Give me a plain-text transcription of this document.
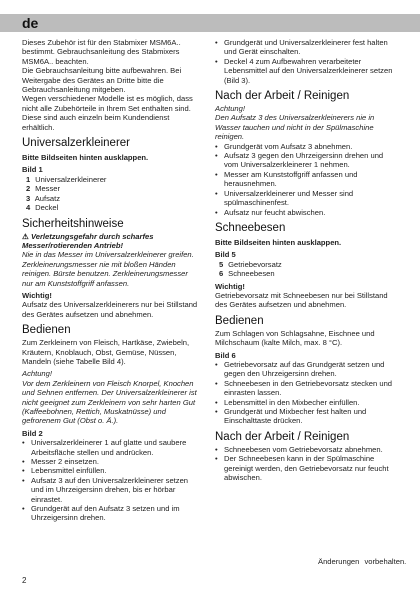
de

Dieses Zubehör ist für den Stabmixer MSM6A.. bestimmt. Gebrauchsanleitung des Stabmixers MSM6A.. beachten.

Die Gebrauchsanleitung bitte aufbewahren. Bei Weitergabe des Gerätes an Dritte bitte die Gebrauchsanleitung mitgeben.

Wegen verschiedener Modelle ist es möglich, dass nicht alle Zubehörteile in Ihrem Set enthalten sind. Diese sind auch einzeln beim Kundendienst erhältlich.

Universalzerkleinerer

Bitte Bildseiten hinten ausklappen.

Bild 1

1 Universalzerkleinerer
2 Messer
3 Aufsatz
4 Deckel
Sicherheitshinweise

⚠ Verletzungsgefahr durch scharfes Messer/rotierenden Antrieb!

Nie in das Messer im Universalzerkleinerer greifen. Zerkleinerungsmesser nie mit bloßen Händen reinigen. Bürste benutzen. Zerkleinerungsmesser nur am Kunststoffgriff anfassen.

Wichtig!

Aufsatz des Universalzerkleinerers nur bei Stillstand des Gerätes aufsetzen und abnehmen.

Bedienen

Zum Zerkleinern von Fleisch, Hartkäse, Zwiebeln, Kräutern, Knoblauch, Obst, Gemüse, Nüssen, Mandeln (siehe Tabelle Bild 4).

Achtung!

Vor dem Zerkleinern von Fleisch Knorpel, Knochen und Sehnen entfernen. Der Universalzerkleinerer ist nicht geeignet zum Zerkleinern von sehr harten Gut (Kaffeebohnen, Rettich, Muskatnüsse) und gefrorenem Gut (Obst o. Ä.).

Bild 2

• Universalzerkleinerer 1 auf glatte und saubere Arbeitsfläche stellen und andrücken.
• Messer 2 einsetzen.
• Lebensmittel einfüllen.
• Aufsatz 3 auf den Universalzerkleinerer setzen und im Uhrzeigersinn drehen, bis er hörbar einrastet.
• Grundgerät auf den Aufsatz 3 setzen und im Uhrzeigersinn drehen.
• Grundgerät und Universalzerkleinerer fest halten und Gerät einschalten.
• Deckel 4 zum Aufbewahren verarbeiteter Lebensmittel auf den Universalzerkleinerer setzen (Bild 3).
Nach der Arbeit / Reinigen

Achtung!

Den Aufsatz 3 des Universalzerkleinerers nie in Wasser tauchen und nicht in der Spülmaschine reinigen.

• Grundgerät vom Aufsatz 3 abnehmen.
• Aufsatz 3 gegen den Uhrzeigersinn drehen und vom Universalzerkleinerer 1 nehmen.
• Messer am Kunststoffgriff anfassen und herausnehmen.
• Universalzerkleinerer und Messer sind spülmaschinenfest.
• Aufsatz nur feucht abwischen.
Schneebesen

Bitte Bildseiten hinten ausklappen.

Bild 5

5 Getriebevorsatz
6 Schneebesen

Wichtig!

Getriebevorsatz mit Schneebesen nur bei Stillstand des Gerätes aufsetzen und abnehmen.

Bedienen

Zum Schlagen von Schlagsahne, Eischnee und Milchschaum (kalte Milch, max. 8 °C).

Bild 6

• Getriebevorsatz auf das Grundgerät setzen und gegen den Uhrzeigersinn drehen.
• Schneebesen in den Getriebevorsatz stecken und einrasten lassen.
• Lebensmittel in den Mixbecher einfüllen.
• Grundgerät und Mixbecher fest halten und Einschalttaste drücken.
Nach der Arbeit / Reinigen
• Schneebesen vom Getriebevorsatz abnehmen.
• Der Schneebesen kann in der Spülmaschine gereinigt werden, den Getriebevorsatz nur feucht abwischen.
Änderungen vorbehalten.
2
